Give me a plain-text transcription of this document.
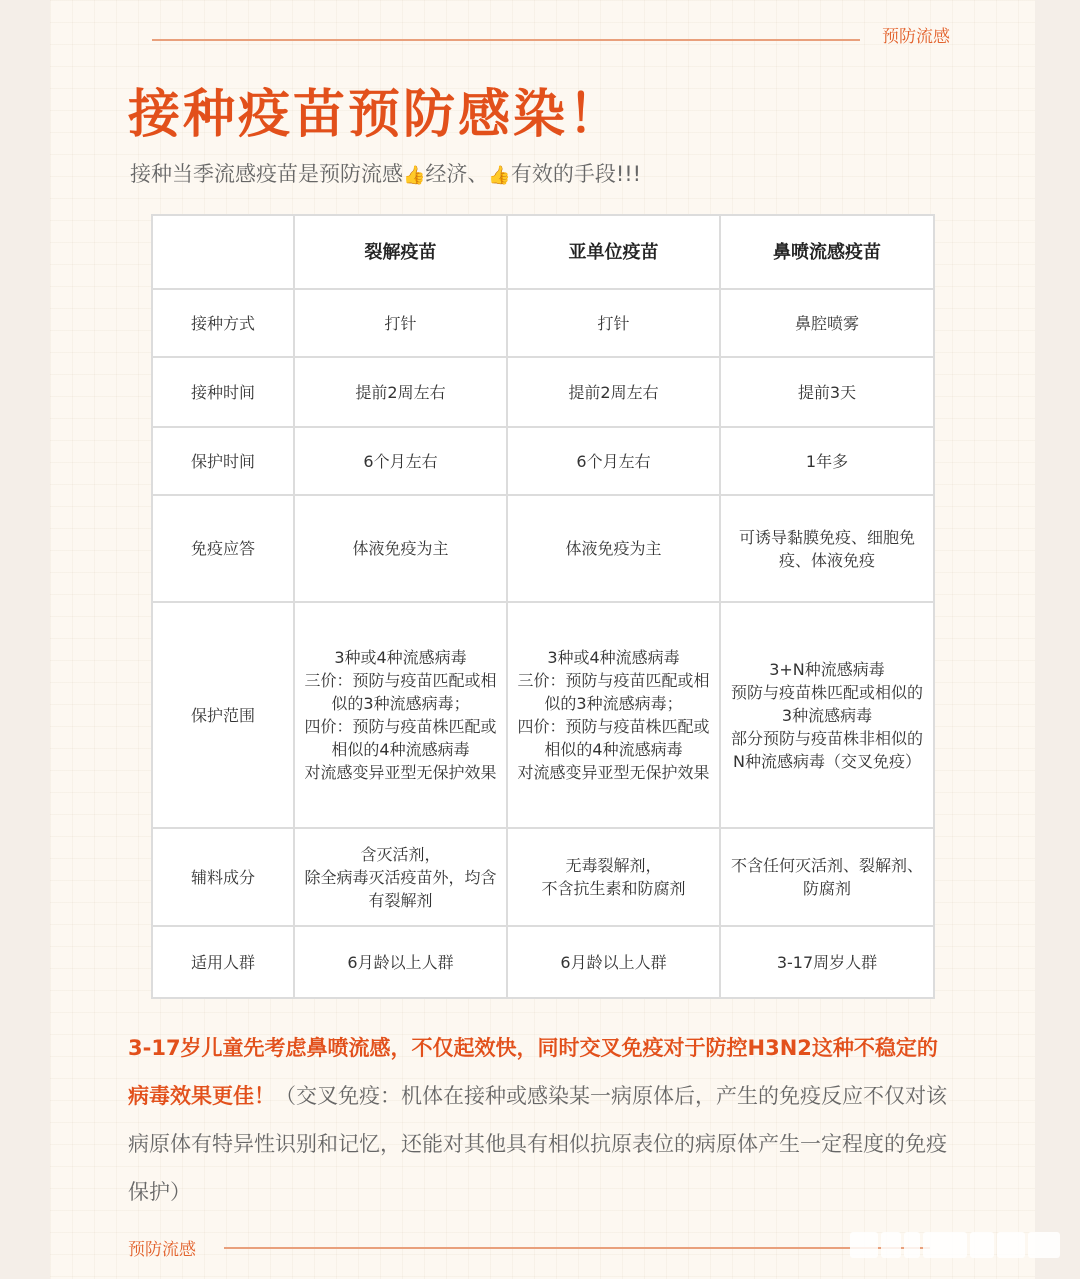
预防流感
接种疫苗预防感染！
接种当季流感疫苗是预防流感👍经济、👍有效的手段!!!
	裂解疫苗	亚单位疫苗	鼻喷流感疫苗
接种方式	打针	打针	鼻腔喷雾
接种时间	提前2周左右	提前2周左右	提前3天
保护时间	6个月左右	6个月左右	1年多
免疫应答	体液免疫为主	体液免疫为主	可诱导黏膜免疫、细胞免疫、体液免疫
保护范围	3种或4种流感病毒
三价：预防与疫苗匹配或相似的3种流感病毒；
四价：预防与疫苗株匹配或相似的4种流感病毒
对流感变异亚型无保护效果	3种或4种流感病毒
三价：预防与疫苗匹配或相似的3种流感病毒；
四价：预防与疫苗株匹配或相似的4种流感病毒
对流感变异亚型无保护效果	3+N种流感病毒
预防与疫苗株匹配或相似的3种流感病毒
部分预防与疫苗株非相似的N种流感病毒（交叉免疫）
辅料成分	含灭活剂，
除全病毒灭活疫苗外，均含有裂解剂	无毒裂解剂，
不含抗生素和防腐剂	不含任何灭活剂、裂解剂、防腐剂
适用人群	6月龄以上人群	6月龄以上人群	3-17周岁人群

3-17岁儿童先考虑鼻喷流感，不仅起效快，同时交叉免疫对于防控H3N2这种不稳定的病毒效果更佳！（交叉免疫：机体在接种或感染某一病原体后，产生的免疫反应不仅对该病原体有特异性识别和记忆，还能对其他具有相似抗原表位的病原体产生一定程度的免疫保护）

预防流感
